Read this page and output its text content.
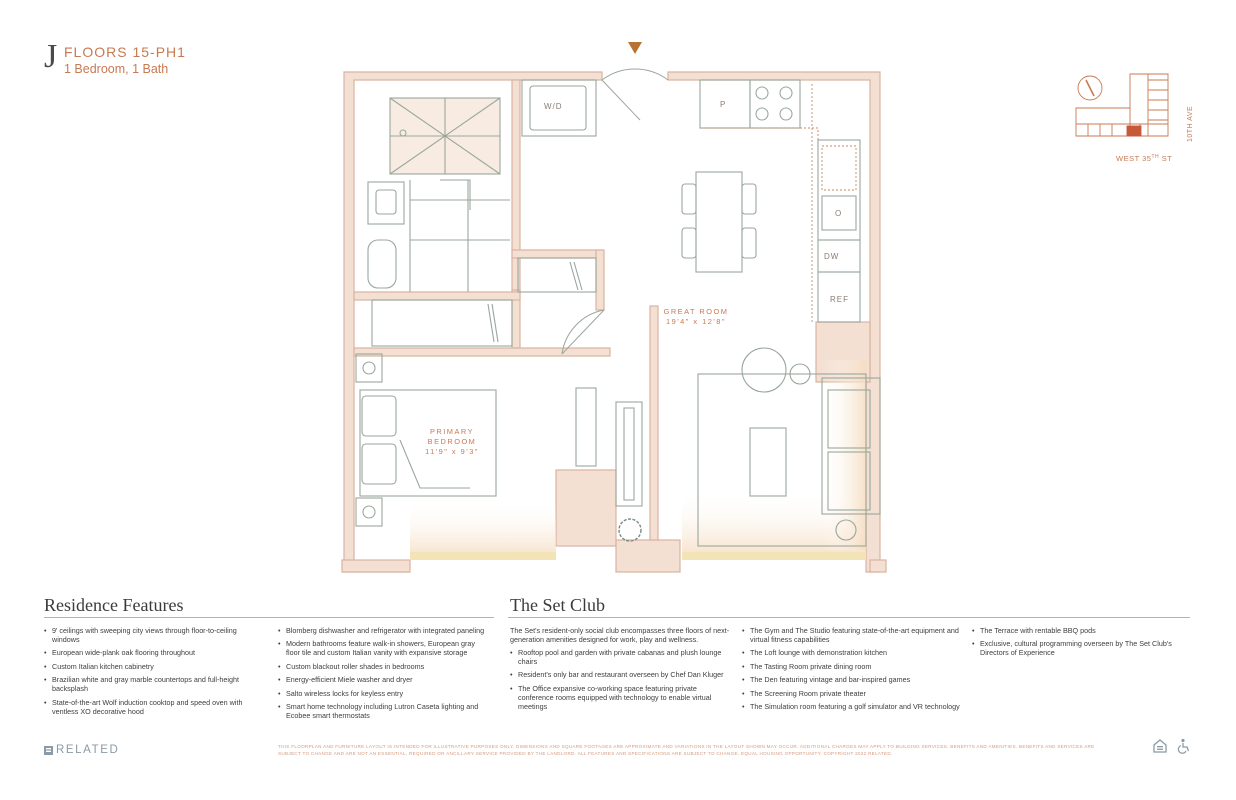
J FLOORS 15-PH1
1 Bedroom, 1 Bath
W/D	P
O
DW
REF
GREAT ROOM
19'4" x 12'8"
PRIMARY
BEDROOM
11'9" x 9'3"
10TH AVE
WEST 35TH ST
Residence Features
• 9' ceilings with sweeping city views through floor-to-ceiling windows
• European wide-plank oak flooring throughout
• Custom Italian kitchen cabinetry
• Brazilian white and gray marble countertops and full-height backsplash
• State-of-the-art Wolf induction cooktop and speed oven with ventless XO decorative hood
• Blomberg dishwasher and refrigerator with integrated paneling
• Modern bathrooms feature walk-in showers, European gray floor tile and custom Italian vanity with expansive storage
• Custom blackout roller shades in bedrooms
• Energy-efficient Miele washer and dryer
• Salto wireless locks for keyless entry
• Smart home technology including Lutron Caseta lighting and Ecobee smart thermostats
The Set Club

The Set's resident-only social club encompasses three floors of next-generation amenities designed for work, play and wellness.

• Rooftop pool and garden with private cabanas and plush lounge chairs
• Resident's only bar and restaurant overseen by Chef Dan Kluger
• The Office expansive co-working space featuring private conference rooms equipped with technology to enable virtual meetings
• The Gym and The Studio featuring state-of-the-art equipment and virtual fitness capabilities
• The Loft lounge with demonstration kitchen
• The Tasting Room private dining room
• The Den featuring vintage and bar-inspired games
• The Screening Room private theater
• The Simulation room featuring a golf simulator and VR technology
• The Terrace with rentable BBQ pods
• Exclusive, cultural programming overseen by The Set Club's Directors of Experience
RELATED	THIS FLOORPLAN AND FURNITURE LAYOUT IS INTENDED FOR ILLUSTRATIVE PURPOSES ONLY. DIMENSIONS AND SQUARE FOOTAGES ARE APPROXIMATE AND VARIATIONS IN THE LAYOUT SHOWN MAY OCCUR. ADDITIONAL CHARGES MAY APPLY TO BUILDING SERVICES. BENEFITS AND AMENITIES. BENEFITS AND SERVICES ARE SUBJECT TO CHANGE AND ARE NOT AN ESSENTIAL, REQUIRED OR ANCILLARY SERVICE PROVIDED BY THE LANDLORD. ALL FEATURES AND SPECIFICATIONS ARE SUBJECT TO CHANGE. EQUAL HOUSING OPPORTUNITY. COPYRIGHT 2022 RELATED.
